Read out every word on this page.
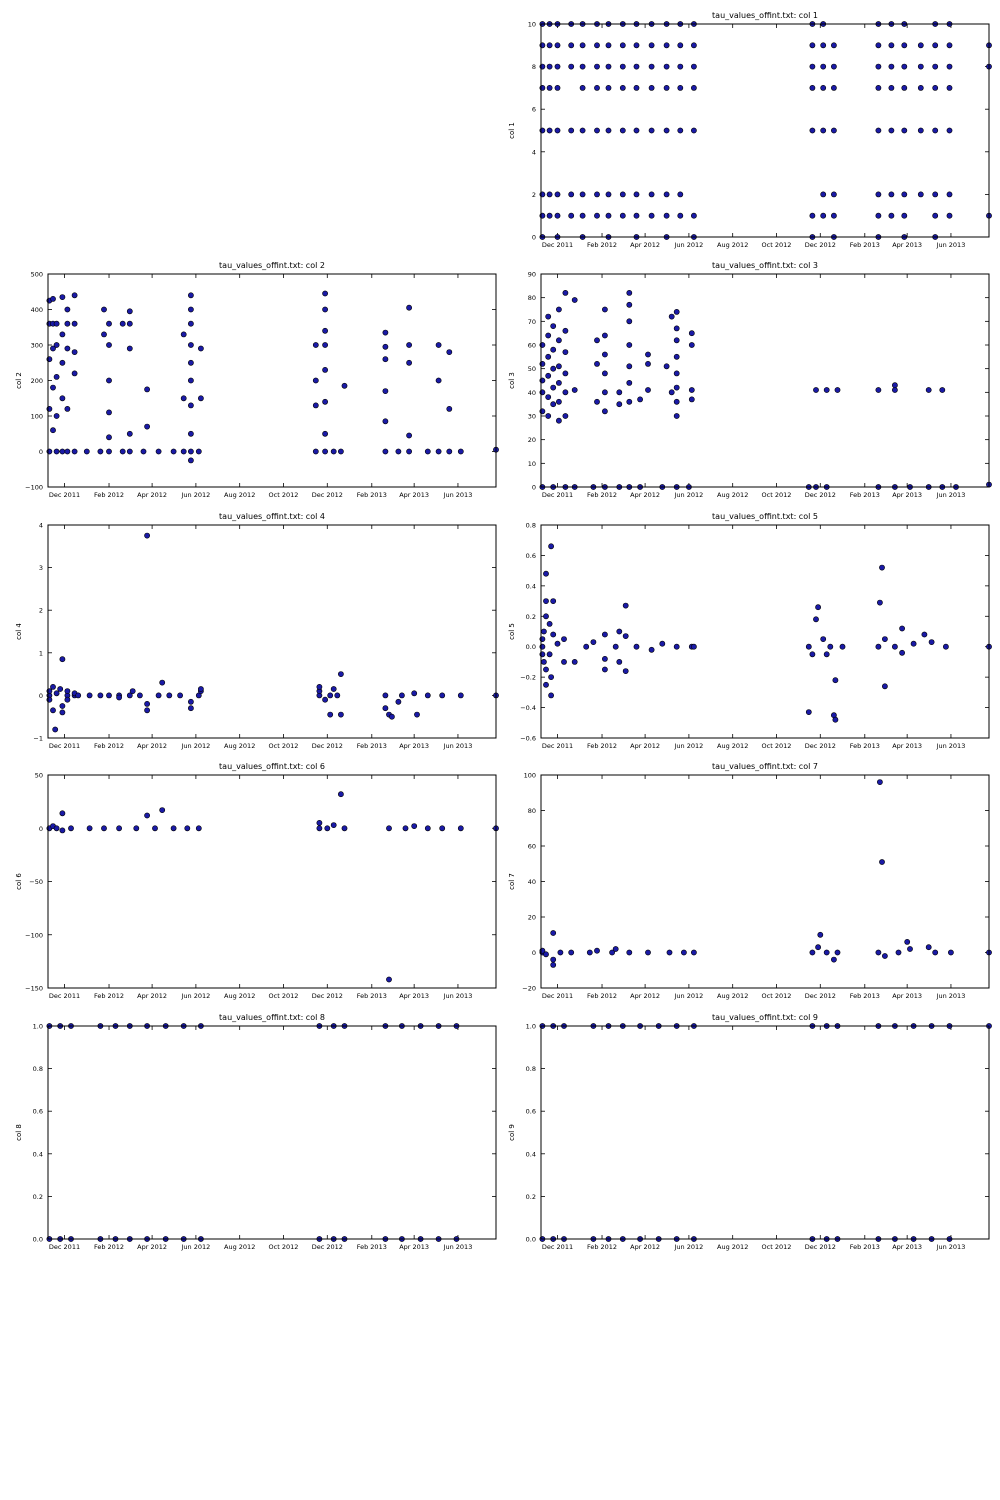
tau_values_offint.txt: col 1
col 1
0
2
4
6
8
10
Dec 2011 Feb 2012 Apr 2012 Jun 2012 Aug 2012 Oct 2012 Dec 2012 Feb 2013 Apr 2013 Jun 2013
tau_values_offint.txt: col 2
col 2
−100
0
100
200
300
400
500
Dec 2011 Feb 2012 Apr 2012 Jun 2012 Aug 2012 Oct 2012 Dec 2012 Feb 2013 Apr 2013 Jun 2013
tau_values_offint.txt: col 3
col 3
0
10
20
30
40
50
60
70
80
90
Dec 2011 Feb 2012 Apr 2012 Jun 2012 Aug 2012 Oct 2012 Dec 2012 Feb 2013 Apr 2013 Jun 2013
tau_values_offint.txt: col 4
col 4
−1
0
1
2
3
4
Dec 2011 Feb 2012 Apr 2012 Jun 2012 Aug 2012 Oct 2012 Dec 2012 Feb 2013 Apr 2013 Jun 2013
tau_values_offint.txt: col 5
col 5
−0.6
−0.4
−0.2
0.0
0.2
0.4
0.6
0.8
Dec 2011 Feb 2012 Apr 2012 Jun 2012 Aug 2012 Oct 2012 Dec 2012 Feb 2013 Apr 2013 Jun 2013
tau_values_offint.txt: col 6
col 6
−150
−100
−50
0
50
Dec 2011 Feb 2012 Apr 2012 Jun 2012 Aug 2012 Oct 2012 Dec 2012 Feb 2013 Apr 2013 Jun 2013
tau_values_offint.txt: col 7
col 7
−20
0
20
40
60
80
100
Dec 2011 Feb 2012 Apr 2012 Jun 2012 Aug 2012 Oct 2012 Dec 2012 Feb 2013 Apr 2013 Jun 2013
tau_values_offint.txt: col 8
col 8
0.0
0.2
0.4
0.6
0.8
1.0
Dec 2011 Feb 2012 Apr 2012 Jun 2012 Aug 2012 Oct 2012 Dec 2012 Feb 2013 Apr 2013 Jun 2013
tau_values_offint.txt: col 9
col 9
0.0
0.2
0.4
0.6
0.8
1.0
Dec 2011 Feb 2012 Apr 2012 Jun 2012 Aug 2012 Oct 2012 Dec 2012 Feb 2013 Apr 2013 Jun 2013
